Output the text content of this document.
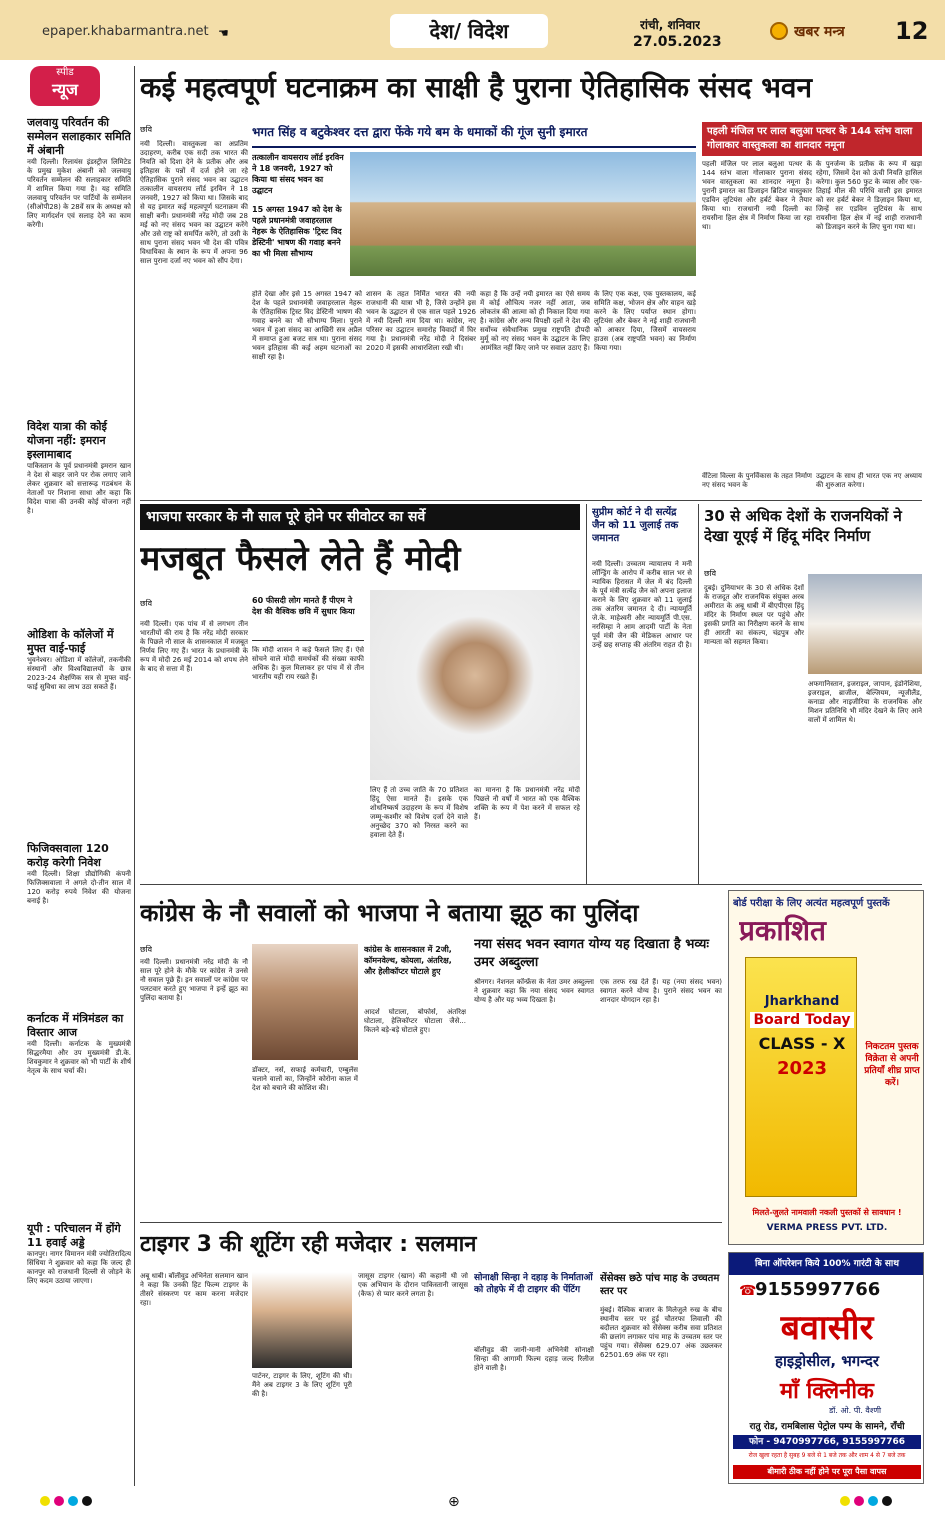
epaper.khabarmantra.net ☚	देश/ विदेश	रांची, शनिवार
27.05.2023
खबर मन्त्र 12
स्पीड
न्यूज
जलवायु परिवर्तन की सम्मेलन सलाहकार समिति में अंबानी
नयी दिल्ली। रिलायंस इंडस्ट्रीज लिमिटेड के प्रमुख मुकेश अंबानी को जलवायु परिवर्तन सम्मेलन की सलाहकार समिति में शामिल किया गया है। यह समिति जलवायु परिवर्तन पर पार्टियों के सम्मेलन (सीओपी28) के 28वें सत्र के अध्यक्ष को लिए मार्गदर्शन एवं सलाह देने का काम करेगी।
विदेश यात्रा की कोई योजना नहीं: इमरान इस्लामाबाद
पाकिस्तान के पूर्व प्रधानमंत्री इमरान खान ने देश से बाहर जाने पर रोक लगाए जाने लेकर शुक्रवार को सत्तारूढ़ गठबंधन के नेताओं पर निशाना साधा और कहा कि विदेश यात्रा की उनकी कोई योजना नहीं है।
ओडिशा के कॉलेजों में मुफ्त वाई-फाई
भुवनेश्वर। ओडिशा में कॉलेजों, तकनीकी संस्थानों और विश्वविद्यालयों के छात्र 2023-24 शैक्षणिक सत्र से मुफ्त वाई-फाई सुविधा का लाभ उठा सकते हैं।
फिजिक्सवाला 120 करोड़ करेगी निवेश
नयी दिल्ली। शिक्षा प्रौद्योगिकी कंपनी फिजिक्सवाला ने अगले दो-तीन साल में 120 करोड़ रुपये निवेश की योजना बनाई है।
कर्नाटक में मंत्रिमंडल का विस्तार आज
नयी दिल्ली। कर्नाटक के मुख्यमंत्री सिद्धरमैया और उप मुख्यमंत्री डी.के. शिवकुमार ने शुक्रवार को भी पार्टी के शीर्ष नेतृत्व के साथ चर्चा की।
यूपी : परिचालन में होंगे 11 हवाई अड्डे
कानपुर। नागर विमानन मंत्री ज्योतिरादित्य सिंधिया ने शुक्रवार को कहा कि जल्द ही कानपुर को राजधानी दिल्ली से जोड़ने के लिए कदम उठाया जाएगा।
कई महत्वपूर्ण घटनाक्रम का साक्षी है पुराना ऐतिहासिक संसद भवन
छवि	भगत सिंह व बटुकेश्वर दत्त द्वारा फेंके गये बम के धमाकों की गूंज सुनी इमारत
तत्कालीन वायसराय लॉर्ड इरविन ने 18 जनवरी, 1927 को किया था संसद भवन का उद्घाटन
15 अगस्त 1947 को देश के पहले प्रधानमंत्री जवाहरलाल नेहरू के ऐतिहासिक 'ट्रिस्ट विद डेस्टिनी' भाषण की गवाह बनने का भी मिला सौभाग्य
नयी दिल्ली। वास्तुकला का अप्रतिम उदाहरण, करीब एक सदी तक भारत की नियति को दिशा देने के प्रतीक और अब इतिहास के पन्नों में दर्ज होने जा रहे ऐतिहासिक पुराने संसद भवन का उद्घाटन तत्कालीन वायसराय लॉर्ड इरविन ने 18 जनवरी, 1927 को किया था। जिसके बाद से यह इमारत कई महत्वपूर्ण घटनाक्रम की साक्षी बनी। प्रधानमंत्री नरेंद्र मोदी जब 28 मई को नए संसद भवन का उद्घाटन करेंगे और उसे राष्ट्र को समर्पित करेंगे, तो उसी के साथ पुराना संसद भवन भी देश की पवित्र विधायिका के स्थान के रूप में अपना 96 साल पुराना दर्जा नए भवन को सौंप देगा।
होते देखा और इसे 15 अगस्त 1947 को देश के पहले प्रधानमंत्री जवाहरलाल नेहरू के ऐतिहासिक ट्रिस्ट विद डेस्टिनी भाषण की गवाह बनने का भी सौभाग्य मिला। पुराने भवन में हुआ संसद का आखिरी सत्र अप्रैल में समाप्त हुआ बजट सत्र था। पुराना संसद भवन इतिहास की कई अहम घटनाओं का साक्षी रहा है।
शासन के तहत निर्मित भारत की नयी राजधानी की यात्रा भी है, जिसे उन्होंने इस भवन के उद्घाटन से एक साल पहले 1926 में नयी दिल्ली नाम दिया था। कांग्रेस, नए परिसर का उद्घाटन समारोह विवादों में घिर गया है। प्रधानमंत्री नरेंद्र मोदी ने दिसंबर 2020 में इसकी आधारशिला रखी थी।
कहा है कि उन्हें नयी इमारत का ऐसे समय में कोई औचित्य नजर नहीं आता, जब लोकतंत्र की आत्मा को ही निकाल दिया गया है। कांग्रेस और अन्य विपक्षी दलों ने देश की सर्वोच्च संवैधानिक प्रमुख राष्ट्रपति द्रौपदी मुर्मू को नए संसद भवन के उद्घाटन के लिए आमंत्रित नहीं किए जाने पर सवाल उठाए हैं।
के लिए एक कक्ष, एक पुस्तकालय, कई समिति कक्ष, भोजन क्षेत्र और वाहन खड़े करने के लिए पर्याप्त स्थान होगा। लुटियंस और बेकर ने नई शाही राजधानी को आकार दिया, जिसमें वायसराय हाउस (अब राष्ट्रपति भवन) का निर्माण किया गया।
पहली मंजिल पर लाल बलुआ पत्थर के 144 स्तंभ वाला गोलाकार वास्तुकला का शानदार नमूना
पहली मंजिल पर लाल बलुआ पत्थर के 144 स्तंभ वाला गोलाकार पुराना संसद भवन वास्तुकला का शानदार नमूना है। पुरानी इमारत का डिजाइन ब्रिटिश वास्तुकार एडविन लुटियंस और हर्बर्ट बेकर ने तैयार किया था। राजधानी नयी दिल्ली का रायसीना हिल क्षेत्र में निर्माण किया जा रहा था।
के पुनर्जन्म के प्रतीक के रूप में खड़ा रहेगा, जिसमें देश को ऊंची नियति हासिल करेगा। कुल 560 फुट के व्यास और एक-तिहाई मील की परिधि वाली इस इमारत को सर हर्बर्ट बेकर ने डिज़ाइन किया था, जिन्हें सर एडविन लुटियंस के साथ रायसीना हिल क्षेत्र में नई शाही राजधानी को डिजाइन करने के लिए चुना गया था।
वेंटिला विल्ला के पुनर्विकास के तहत निर्माण नए संसद भवन के
उद्घाटन के साथ ही भारत एक नए अध्याय की शुरुआत करेगा।
भाजपा सरकार के नौ साल पूरे होने पर सीवोटर का सर्वे
मजबूत फैसले लेते हैं मोदी
छवि	60 फीसदी लोग मानते हैं पीएम ने देश की वैश्विक छवि में सुधार किया
नयी दिल्ली। एक पांच में से लगभग तीन भारतीयों की राय है कि नरेंद्र मोदी सरकार के पिछले नौ साल के शासनकाल में मजबूत निर्णय लिए गए हैं। भारत के प्रधानमंत्री के रूप में मोदी 26 मई 2014 को शपथ लेने के बाद से सत्ता में हैं।
कि मोदी शासन ने कड़े फैसले लिए हैं। ऐसे सोचने वाले मोदी समर्थकों की संख्या काफी अधिक है। कुल मिलाकर हर पांच में से तीन भारतीय यही राय रखते हैं।
लिए हैं तो उच्च जाति के 70 प्रतिशत हिंदू ऐसा मानते हैं। इसके एक शोधनिष्कर्ष उदाहरण के रूप में विशेष जम्मू-कश्मीर को विशेष दर्जा देने वाले अनुच्छेद 370 को निरस्त करने का हवाला देते हैं।
का मानना है कि प्रधानमंत्री नरेंद्र मोदी पिछले नौ वर्षों में भारत को एक वैश्विक शक्ति के रूप में पेश करने में सफल रहे हैं।
सुप्रीम कोर्ट ने दी सत्येंद्र जैन को 11 जुलाई तक जमानत
नयी दिल्ली। उच्चतम न्यायालय ने मनी लॉन्ड्रिंग के आरोप में करीब साल भर से न्यायिक हिरासत में जेल में बंद दिल्ली के पूर्व मंत्री सत्येंद्र जैन को अपना इलाज कराने के लिए शुक्रवार को 11 जुलाई तक अंतरिम जमानत दे दी। न्यायमूर्ति जे.के. माहेश्वरी और न्यायमूर्ति पी.एस. नरसिम्हा ने आम आदमी पार्टी के नेता पूर्व मंत्री जैन की मेडिकल आधार पर उन्हें छह सप्ताह की अंतरिम राहत दी है।
30 से अधिक देशों के राजनयिकों ने देखा यूएई में हिंदू मंदिर निर्माण
छवि
दुबई। दुनियाभर के 30 से अधिक देशों के राजदूत और राजनयिक संयुक्त अरब अमीरात के अबू धाबी में बीएपीएस हिंदू मंदिर के निर्माण स्थल पर पहुंचे और इसकी प्रगति का निरीक्षण करने के साथ ही आरती का संकल्प, चंद्रपुत्र और मान्यता को सहमत किया।
अफगानिस्तान, इजराइल, जापान, इंडोनेशिया, इजराइल, ब्राजील, बेल्जियम, न्यूजीलैंड, कनाडा और नाइजीरिया के राजनयिक और मिशन प्रतिनिधि भी मंदिर देखने के लिए आने वालों में शामिल थे।
कांग्रेस के नौ सवालों को भाजपा ने बताया झूठ का पुलिंदा
छवि	कांग्रेस के शासनकाल में 2जी, कॉमनवेल्थ, कोयला, अंतरिक्ष, और हेलीकॉप्टर घोटाले हुए
नयी दिल्ली। प्रधानमंत्री नरेंद्र मोदी के नौ साल पूरे होने के मौके पर कांग्रेस ने उनसे नौ सवाल पूछे हैं। इन सवालों पर कांग्रेस पर पलटवार करते हुए भाजपा ने इन्हें झूठ का पुलिंदा बताया है।
डॉक्टर, नर्स, सफाई कर्मचारी, एम्बुलेंस चलाने वालों का, जिन्होंने कोरोना काल में देश को बचाने की कोशिश की।
आदर्श घोटाला, बोफोर्स, अंतरिक्ष घोटाला, हेलिकॉप्टर घोटाला जैसे... कितने बड़े-बड़े घोटाले हुए।
नया संसद भवन स्वागत योग्य यह दिखाता है भव्यः उमर अब्दुल्ला
श्रीनगर। नेशनल कॉन्फ्रेंस के नेता उमर अब्दुल्ला ने शुक्रवार कहा कि नया संसद भवन स्वागत योग्य है और यह भव्य दिखता है।
एक तरफ रख देते हैं। यह (नया संसद भवन) स्वागत करने योग्य है। पुराने संसद भवन का शानदार योगदान रहा है।
बोर्ड परीक्षा के लिए अत्यंत महत्वपूर्ण पुस्तकें
प्रकाशित
Jharkhand
Board Today
CLASS - X
2023
निकटतम पुस्तक विक्रेता से अपनी प्रतियाँ शीघ्र प्राप्त करें।
मिलते-जुलते नामवाली नकली पुस्तकों से सावधान !
VERMA PRESS PVT. LTD.
टाइगर 3 की शूटिंग रही मजेदार : सलमान
अबू धाबी। बॉलीवुड अभिनेता सलमान खान ने कहा कि उनकी हिट फिल्म टाइगर के तीसरे संस्करण पर काम करना मजेदार रहा।
पार्टनर, टाइगर के लिए, शूटिंग की थी। मैंने अब टाइगर 3 के लिए शूटिंग पूरी की है।
जासूस टाइगर (खान) की कहानी थी जो एक अभियान के दौरान पाकिस्तानी जासूस (कैफ) से प्यार करने लगता है।
सोनाक्षी सिन्हा ने दहाड़ के निर्माताओं को तोहफे में दी टाइगर की पेंटिंग
बॉलीवुड की जानी-मानी अभिनेत्री सोनाक्षी सिन्हा की आगामी फिल्म दहाड़ जल्द रिलीज होने वाली है।
सेंसेक्स छठे पांच माह के उच्चतम स्तर पर
मुंबई। वैश्विक बाजार के मिलेजुले रुख के बीच स्थानीय स्तर पर हुई चौतरफा लिवाली की बदौलत शुक्रवार को सेंसेक्स करीब सवा प्रतिशत की छलांग लगाकर पांच माह के उच्चतम स्तर पर पहुंच गया। सेंसेक्स 629.07 अंक उछलकर 62501.69 अंक पर रहा।
बिना ऑपरेशन किये 100% गारंटी के साथ
☎
9155997766
बवासीर
हाइड्रोसील, भगन्दर
माँ क्लिनीक
डॉ. ओ. पी. वैश्णी
रातु रोड, रामबिलास पेट्रोल पम्प के सामने, राँची
फोन - 9470997766, 9155997766
रोज खुला रहता है सुबह 9 बजे से 1 बजे तक और शाम 4 से 7 बजे तक
बीमारी ठीक नहीं होने पर पूरा पैसा वापस
⊕
